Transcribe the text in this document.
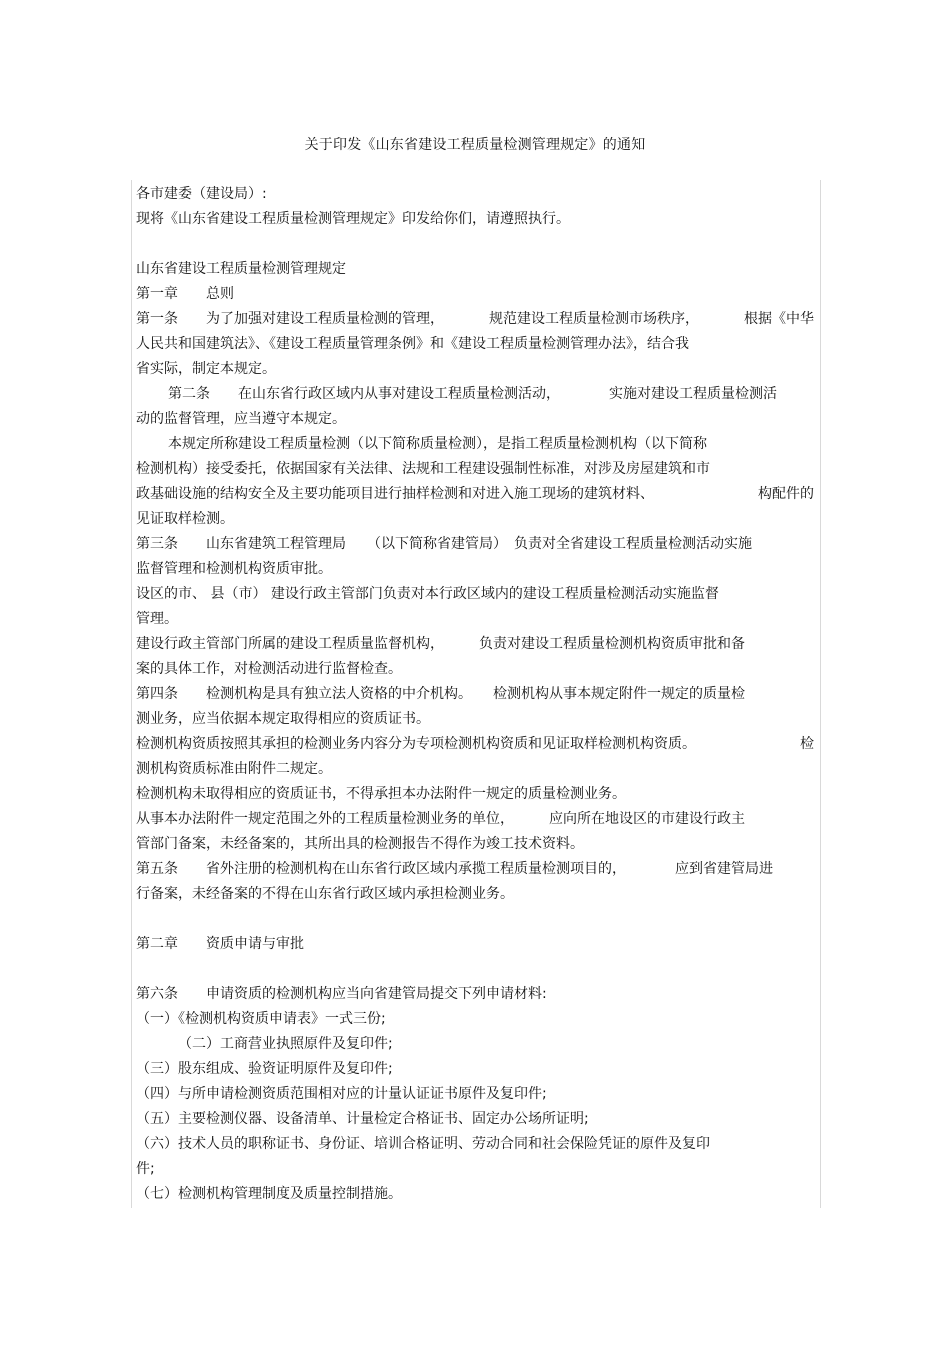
关于印发《山东省建设工程质量检测管理规定》的通知
各市建委（建设局）:
现将《山东省建设工程质量检测管理规定》印发给你们，请遵照执行。
山东省建设工程质量检测管理规定
第一章　　总则
第一条　　为了加强对建设工程质量检测的管理，	规范建设工程质量检测市场秩序，	根据《中华
人民共和国建筑法》、《建设工程质量管理条例》和《建设工程质量检测管理办法》，结合我
省实际，制定本规定。
第二条　　在山东省行政区域内从事对建设工程质量检测活动，　　　　实施对建设工程质量检测活
动的监督管理，应当遵守本规定。
本规定所称建设工程质量检测（以下简称质量检测），是指工程质量检测机构（以下简称
检测机构）接受委托，依据国家有关法律、法规和工程建设强制性标准，对涉及房屋建筑和市
政基础设施的结构安全及主要功能项目进行抽样检测和对进入施工现场的建筑材料、	构配件的
见证取样检测。
第三条　　山东省建筑工程管理局　　（以下简称省建管局）　负责对全省建设工程质量检测活动实施
监督管理和检测机构资质审批。
设区的市、 县（市） 建设行政主管部门负责对本行政区域内的建设工程质量检测活动实施监督
管理。
建设行政主管部门所属的建设工程质量监督机构，　　　负责对建设工程质量检测机构资质审批和备
案的具体工作，对检测活动进行监督检查。
第四条　　检测机构是具有独立法人资格的中介机构。　　检测机构从事本规定附件一规定的质量检
测业务，应当依据本规定取得相应的资质证书。
检测机构资质按照其承担的检测业务内容分为专项检测机构资质和见证取样检测机构资质。	检
测机构资质标准由附件二规定。
检测机构未取得相应的资质证书，不得承担本办法附件一规定的质量检测业务。
从事本办法附件一规定范围之外的工程质量检测业务的单位，　　　应向所在地设区的市建设行政主
管部门备案，未经备案的，其所出具的检测报告不得作为竣工技术资料。
第五条　　省外注册的检测机构在山东省行政区域内承揽工程质量检测项目的，　　　　应到省建管局进
行备案，未经备案的不得在山东省行政区域内承担检测业务。
第二章　　资质申请与审批
第六条　　申请资质的检测机构应当向省建管局提交下列申请材料:
（一）《检测机构资质申请表》一式三份;
（二）工商营业执照原件及复印件;
（三）股东组成、验资证明原件及复印件;
（四）与所申请检测资质范围相对应的计量认证证书原件及复印件;
（五）主要检测仪器、设备清单、计量检定合格证书、固定办公场所证明;
（六）技术人员的职称证书、身份证、培训合格证明、劳动合同和社会保险凭证的原件及复印
件;
（七）检测机构管理制度及质量控制措施。
